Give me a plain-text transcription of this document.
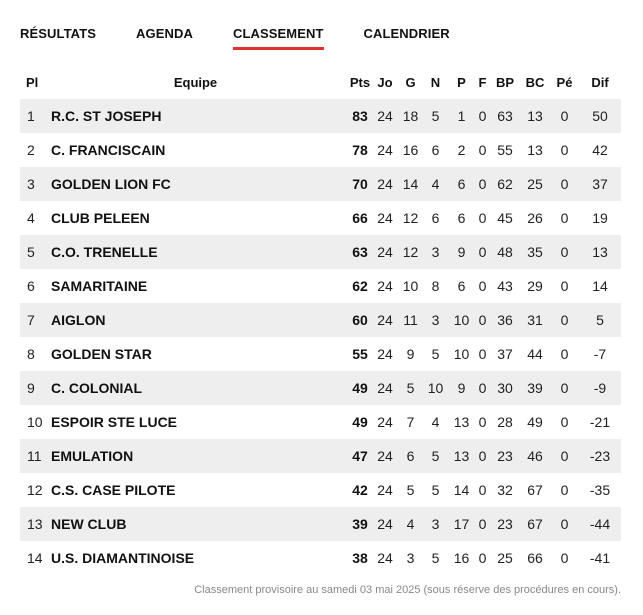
RÉSULTATS	AGENDA	CLASSEMENT	CALENDRIER
Pl	Equipe	Pts	Jo	G	N	P	F	BP	BC	Pé	Dif
1	R.C. ST JOSEPH	83	24	18	5	1	0	63	13	0	50
2	C. FRANCISCAIN	78	24	16	6	2	0	55	13	0	42
3	GOLDEN LION FC	70	24	14	4	6	0	62	25	0	37
4	CLUB PELEEN	66	24	12	6	6	0	45	26	0	19
5	C.O. TRENELLE	63	24	12	3	9	0	48	35	0	13
6	SAMARITAINE	62	24	10	8	6	0	43	29	0	14
7	AIGLON	60	24	11	3	10	0	36	31	0	5
8	GOLDEN STAR	55	24	9	5	10	0	37	44	0	-7
9	C. COLONIAL	49	24	5	10	9	0	30	39	0	-9
10	ESPOIR STE LUCE	49	24	7	4	13	0	28	49	0	-21
11	EMULATION	47	24	6	5	13	0	23	46	0	-23
12	C.S. CASE PILOTE	42	24	5	5	14	0	32	67	0	-35
13	NEW CLUB	39	24	4	3	17	0	23	67	0	-44
14	U.S. DIAMANTINOISE	38	24	3	5	16	0	25	66	0	-41
Classement provisoire au samedi 03 mai 2025 (sous réserve des procédures en cours).
